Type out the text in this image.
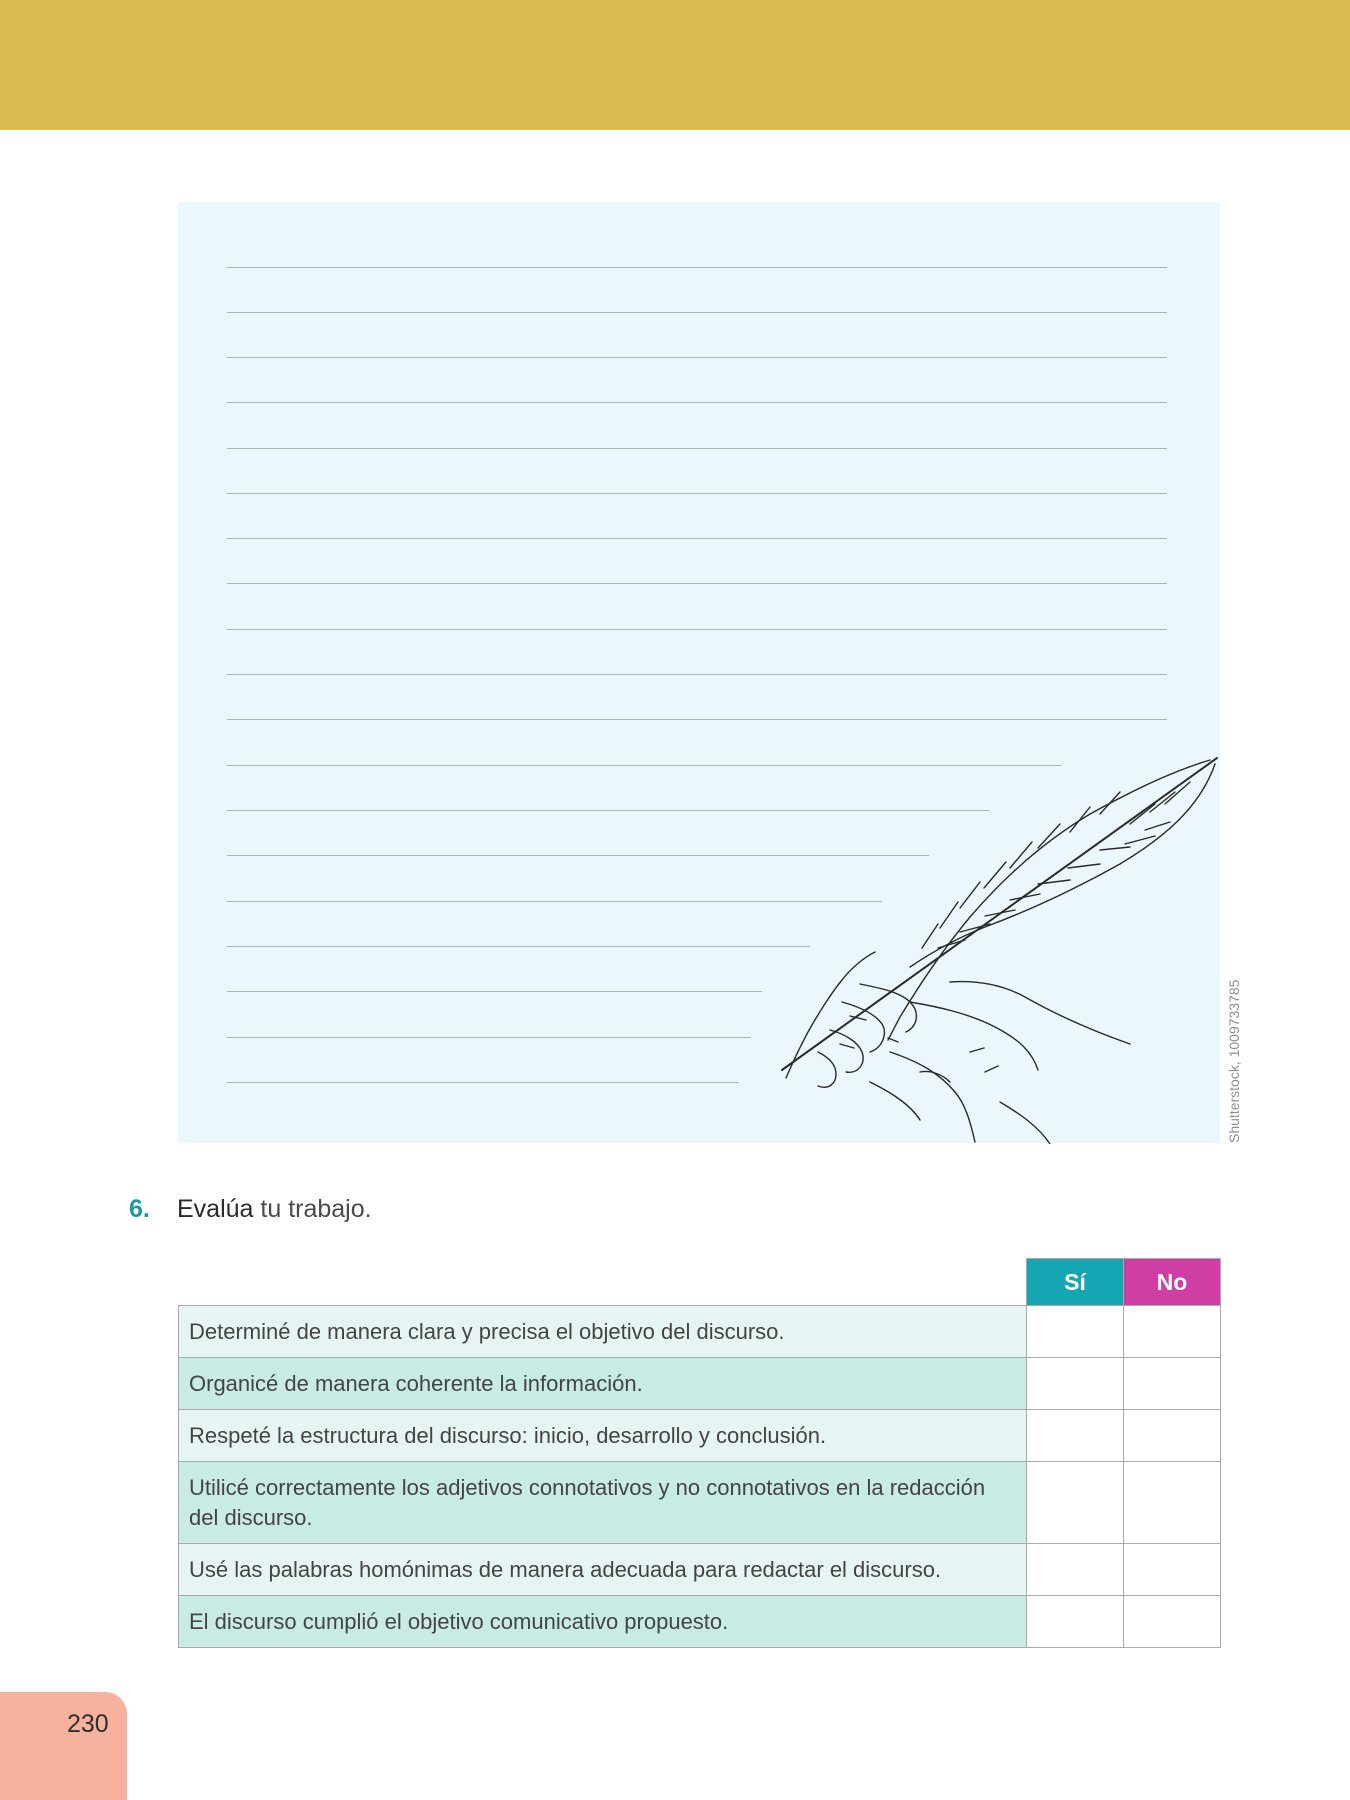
Shutterstock, 1009733785
6. Evalúa tu trabajo.
	Sí	No
Determiné de manera clara y precisa el objetivo del discurso.		
Organicé de manera coherente la información.		
Respeté la estructura del discurso: inicio, desarrollo y conclusión.		
Utilicé correctamente los adjetivos connotativos y no connotativos en la redacción del discurso.		
Usé las palabras homónimas de manera adecuada para redactar el discurso.		
El discurso cumplió el objetivo comunicativo propuesto.		
230
